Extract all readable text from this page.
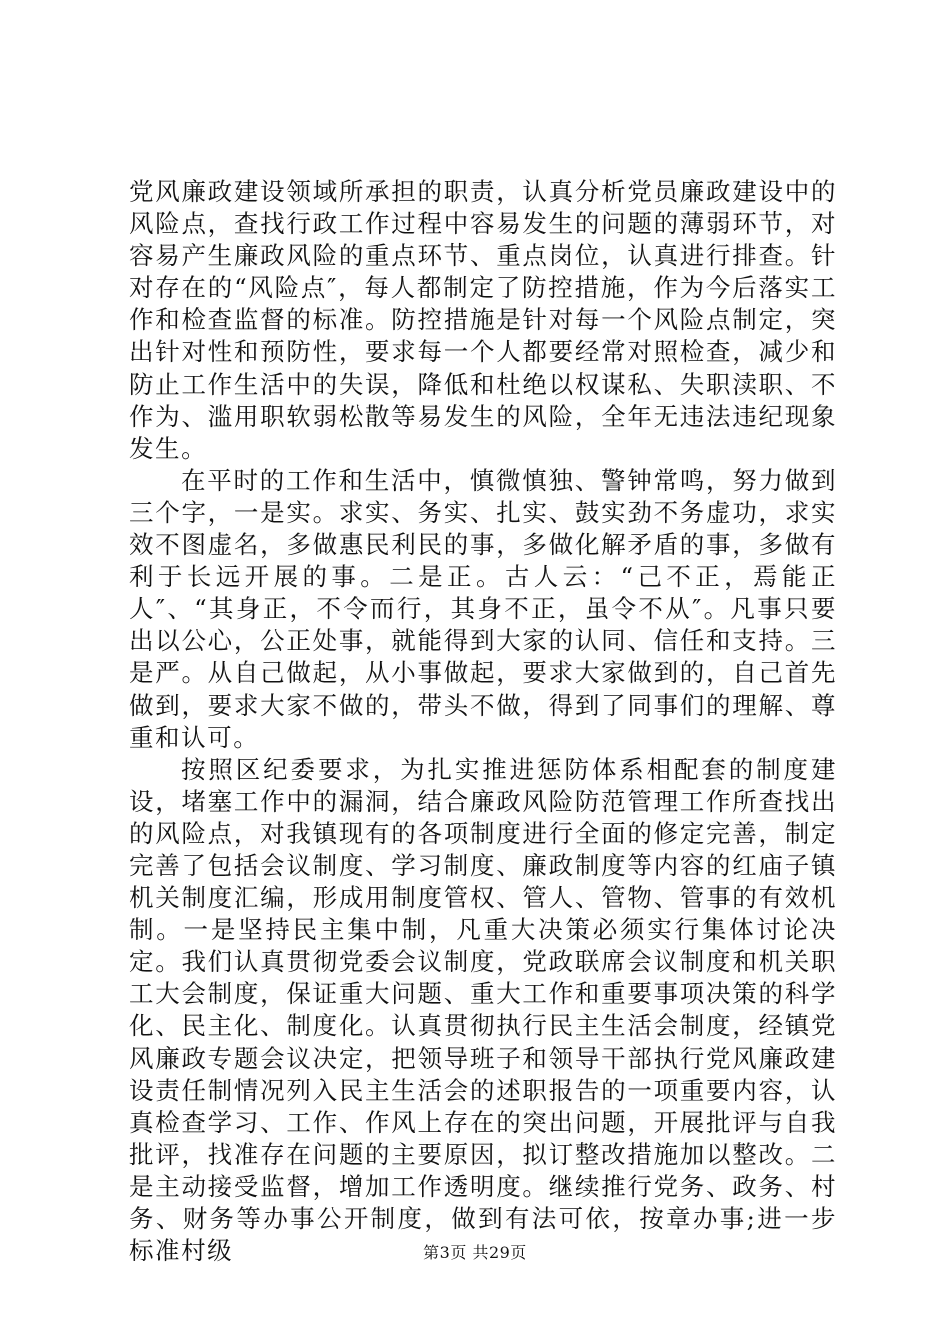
党风廉政建设领域所承担的职责，认真分析党员廉政建设中的风险点，查找行政工作过程中容易发生的问题的薄弱环节，对容易产生廉政风险的重点环节、重点岗位，认真进行排查。针对存在的“风险点″，每人都制定了防控措施，作为今后落实工作和检查监督的标准。防控措施是针对每一个风险点制定，突出针对性和预防性，要求每一个人都要经常对照检查，减少和防止工作生活中的失误，降低和杜绝以权谋私、失职渎职、不作为、滥用职软弱松散等易发生的风险，全年无违法违纪现象发生。

在平时的工作和生活中，慎微慎独、警钟常鸣，努力做到三个字，一是实。求实、务实、扎实、鼓实劲不务虚功，求实效不图虚名，多做惠民利民的事，多做化解矛盾的事，多做有利于长远开展的事。二是正。古人云：“己不正，焉能正人″、“其身正，不令而行，其身不正，虽令不从″。凡事只要出以公心，公正处事，就能得到大家的认同、信任和支持。三是严。从自己做起，从小事做起，要求大家做到的，自己首先做到，要求大家不做的，带头不做，得到了同事们的理解、尊重和认可。

按照区纪委要求，为扎实推进惩防体系相配套的制度建设，堵塞工作中的漏洞，结合廉政风险防范管理工作所查找出的风险点，对我镇现有的各项制度进行全面的修定完善，制定完善了包括会议制度、学习制度、廉政制度等内容的红庙子镇机关制度汇编，形成用制度管权、管人、管物、管事的有效机制。一是坚持民主集中制，凡重大决策必须实行集体讨论决定。我们认真贯彻党委会议制度，党政联席会议制度和机关职工大会制度，保证重大问题、重大工作和重要事项决策的科学化、民主化、制度化。认真贯彻执行民主生活会制度，经镇党风廉政专题会议决定，把领导班子和领导干部执行党风廉政建设责任制情况列入民主生活会的述职报告的一项重要内容，认真检查学习、工作、作风上存在的突出问题，开展批评与自我批评，找准存在问题的主要原因，拟订整改措施加以整改。二是主动接受监督，增加工作透明度。继续推行党务、政务、村务、财务等办事公开制度，做到有法可依，按章办事;进一步标准村级	第3页 共29页
